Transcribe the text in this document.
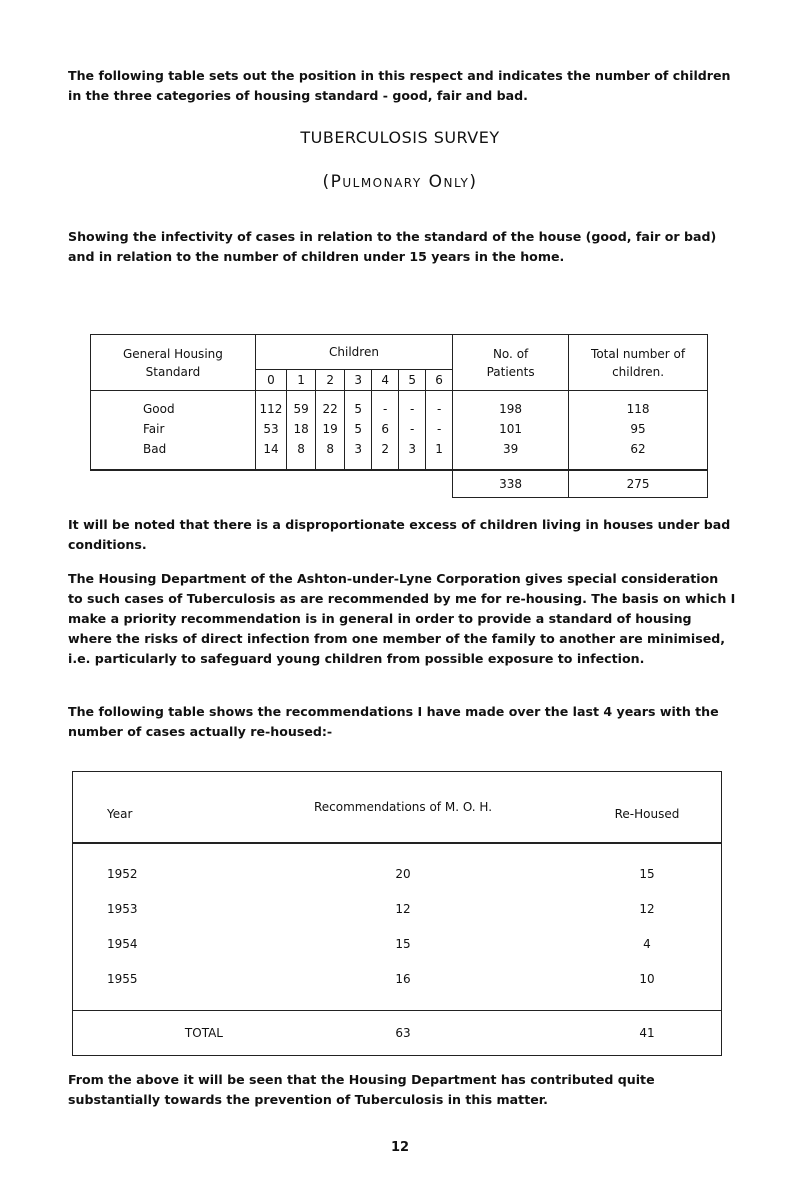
The following table sets out the position in this respect and indicates the number of children in the three categories of housing standard - good, fair and bad.

TUBERCULOSIS SURVEY
(Pulmonary Only)

Showing the infectivity of cases in relation to the standard of the house (good, fair or bad) and in relation to the number of children under 15 years in the home.

General Housing Standard	Children							No. of Patients	Total number of children.
	0	1	2	3	4	5	6		
Good	112	59	22	5	-	-	-	198	118
Fair	53	18	19	5	6	-	-	101	95
Bad	14	8	8	3	2	3	1	39	62
								338	275

It will be noted that there is a disproportionate excess of children living in houses under bad conditions.

The Housing Department of the Ashton-under-Lyne Corporation gives special consideration to such cases of Tuberculosis as are recommended by me for re-housing. The basis on which I make a priority recommendation is in general in order to provide a standard of housing where the risks of direct infection from one member of the family to another are minimised, i.e. particularly to safeguard young children from possible exposure to infection.

The following table shows the recommendations I have made over the last 4 years with the number of cases actually re-housed:-

Year	Recommendations of M. O. H.	Re-Housed
1952	20	15
1953	12	12
1954	15	4
1955	16	10
TOTAL	63	41

From the above it will be seen that the Housing Department has contributed quite substantially towards the prevention of Tuberculosis in this matter.

12
